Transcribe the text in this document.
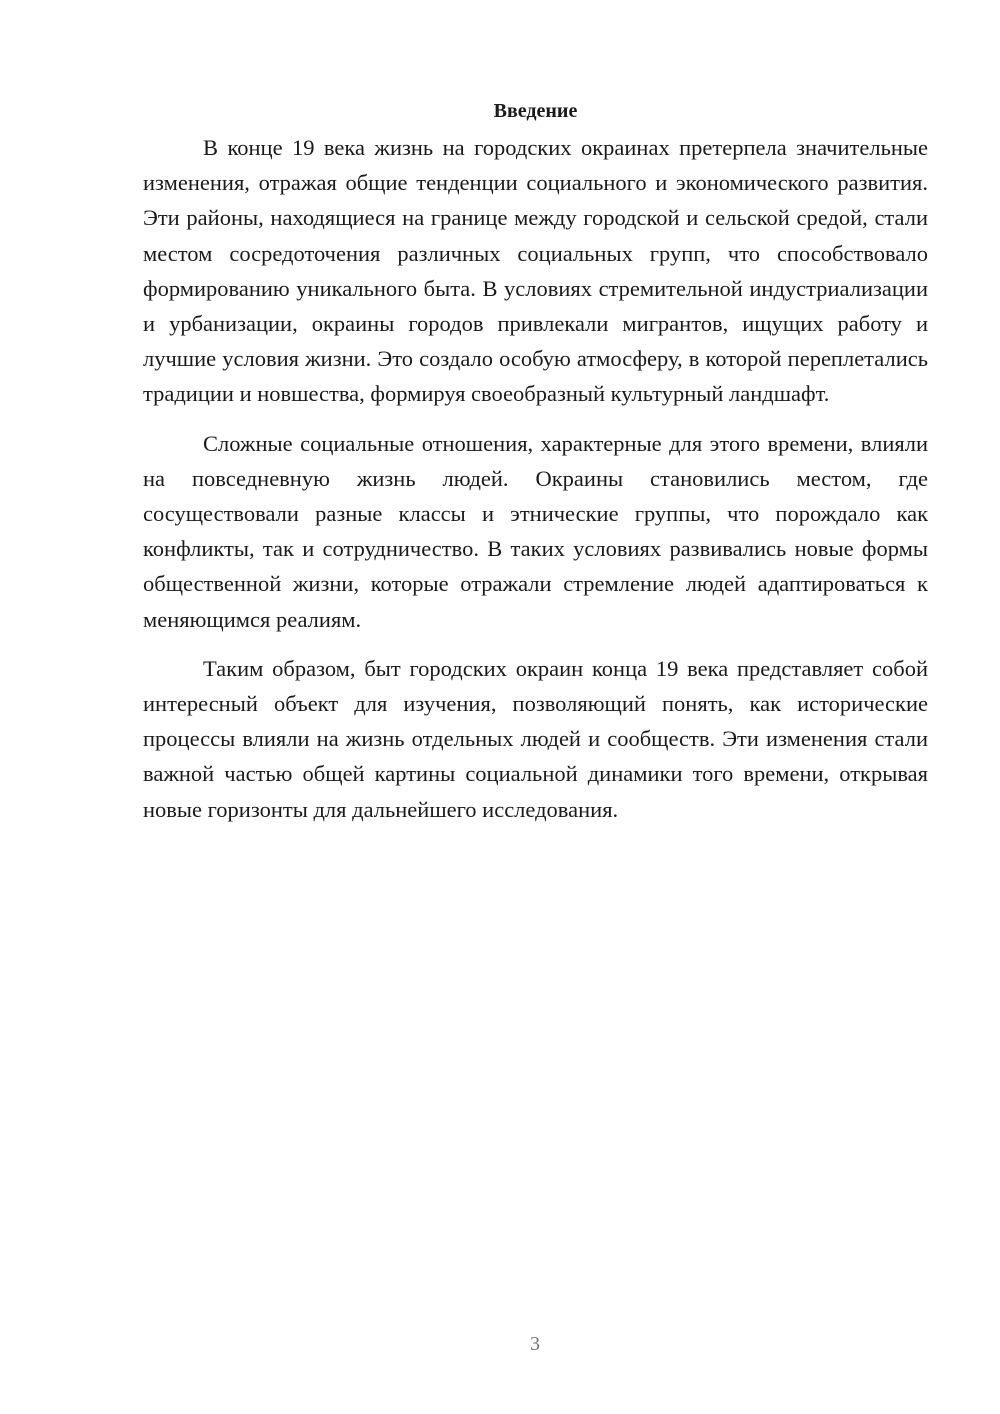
Введение

В конце 19 века жизнь на городских окраинах претерпела значительные изменения, отражая общие тенденции социального и экономического развития. Эти районы, находящиеся на границе между городской и сельской средой, стали местом сосредоточения различных социальных групп, что способствовало формированию уникального быта. В условиях стремительной индустриализации и урбанизации, окраины городов привлекали мигрантов, ищущих работу и лучшие условия жизни. Это создало особую атмосферу, в которой переплетались традиции и новшества, формируя своеобразный культурный ландшафт.

Сложные социальные отношения, характерные для этого времени, влияли на повседневную жизнь людей. Окраины становились местом, где сосуществовали разные классы и этнические группы, что порождало как конфликты, так и сотрудничество. В таких условиях развивались новые формы общественной жизни, которые отражали стремление людей адаптироваться к меняющимся реалиям.

Таким образом, быт городских окраин конца 19 века представляет собой интересный объект для изучения, позволяющий понять, как исторические процессы влияли на жизнь отдельных людей и сообществ. Эти изменения стали важной частью общей картины социальной динамики того времени, открывая новые горизонты для дальнейшего исследования.

3
